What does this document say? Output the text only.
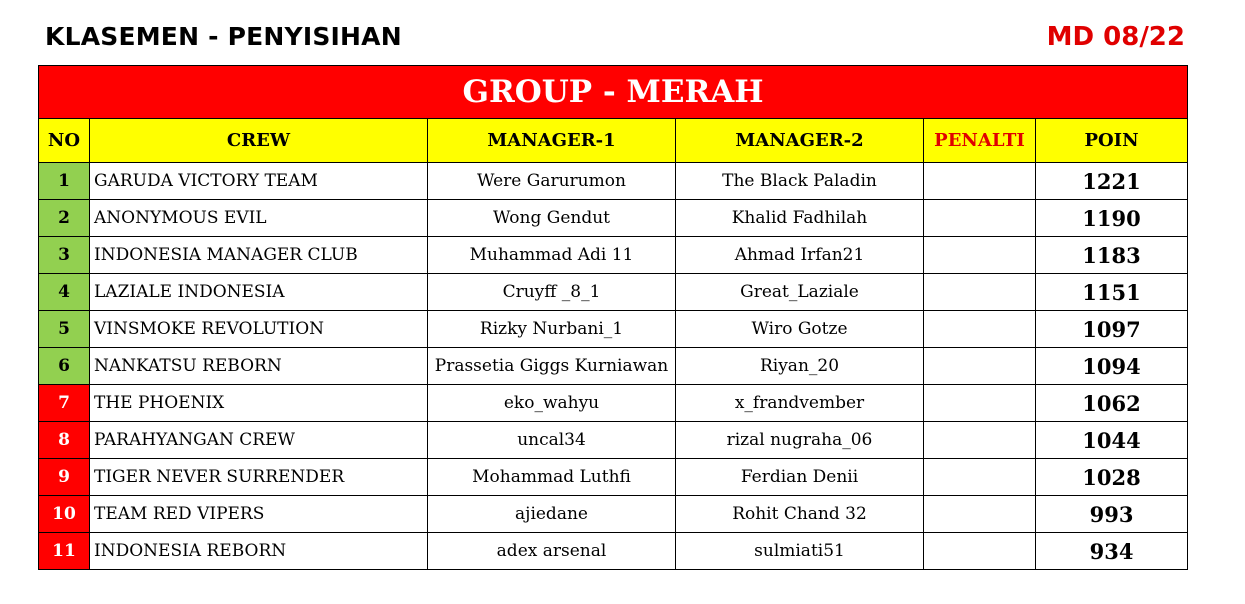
KLASEMEN - PENYISIHAN	MD 08/22
GROUP - MERAH					
NO	CREW	MANAGER-1	MANAGER-2	PENALTI	POIN
1	GARUDA VICTORY TEAM	Were Garurumon	The Black Paladin		1221
2	ANONYMOUS EVIL	Wong Gendut	Khalid Fadhilah		1190
3	INDONESIA MANAGER CLUB	Muhammad Adi 11	Ahmad Irfan21		1183
4	LAZIALE INDONESIA	Cruyff _8_1	Great_Laziale		1151
5	VINSMOKE REVOLUTION	Rizky Nurbani_1	Wiro Gotze		1097
6	NANKATSU REBORN	Prassetia Giggs Kurniawan	Riyan_20		1094
7	THE PHOENIX	eko_wahyu	x_frandvember		1062
8	PARAHYANGAN CREW	uncal34	rizal nugraha_06		1044
9	TIGER NEVER SURRENDER	Mohammad Luthfi	Ferdian Denii		1028
10	TEAM RED VIPERS	ajiedane	Rohit Chand 32		993
11	INDONESIA REBORN	adex arsenal	sulmiati51		934
